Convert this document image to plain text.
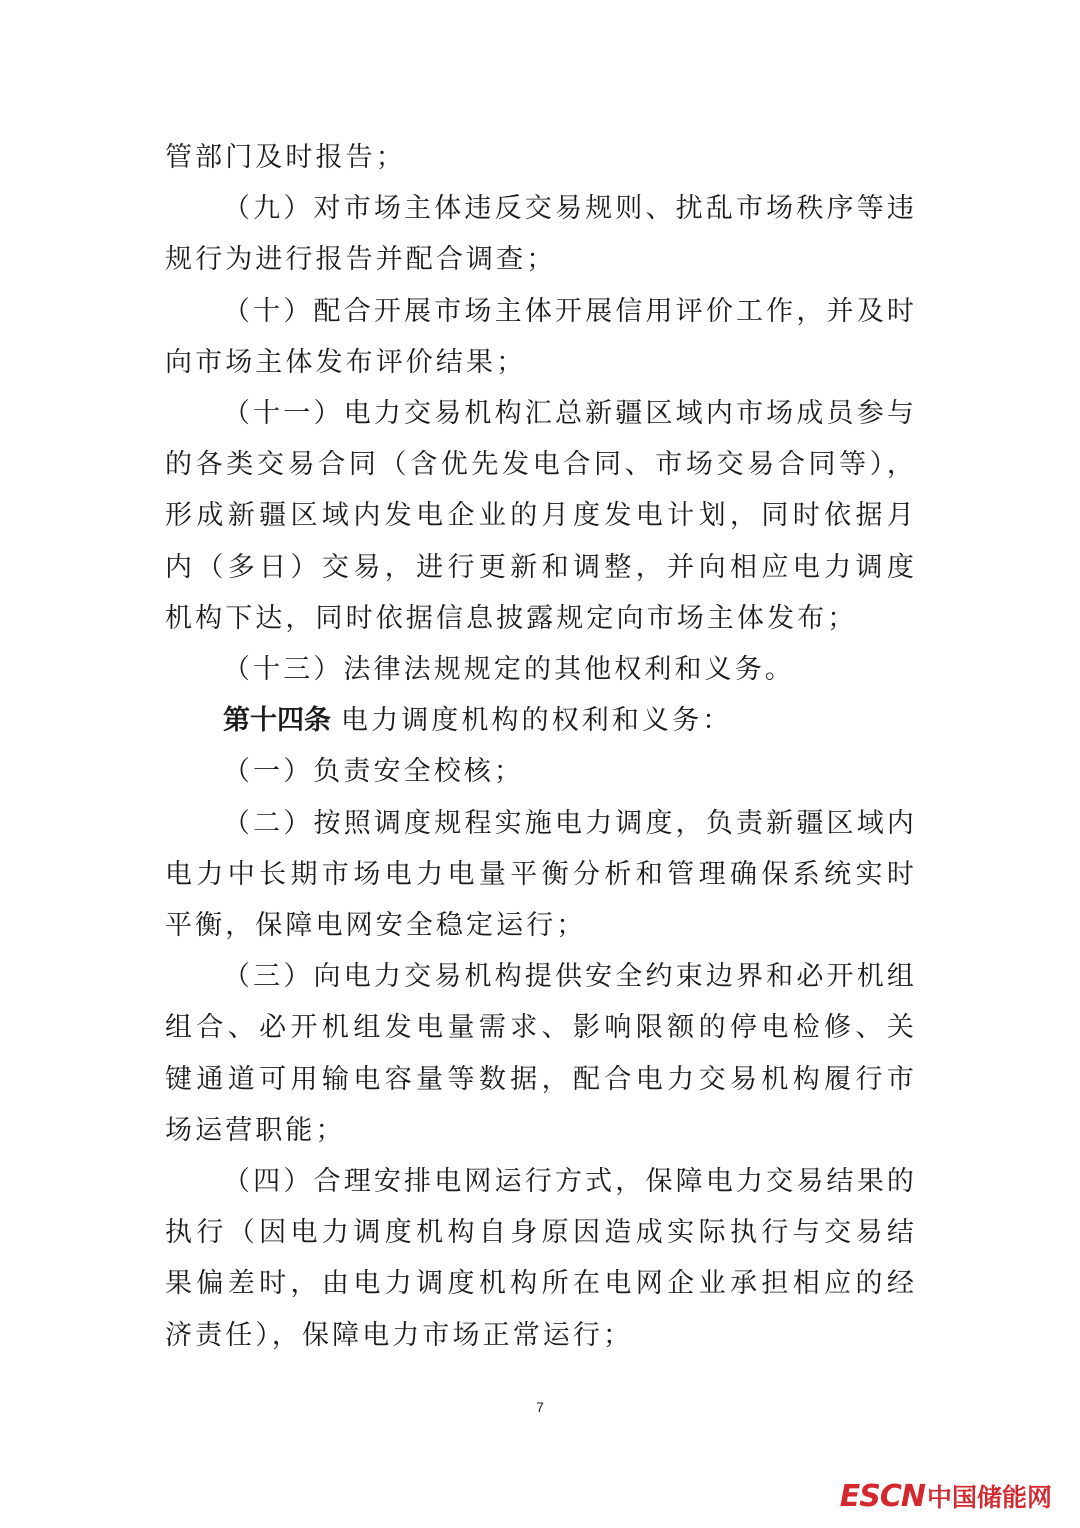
管部门及时报告；

（九）对市场主体违反交易规则、扰乱市场秩序等违规行为进行报告并配合调查；

（十）配合开展市场主体开展信用评价工作，并及时向市场主体发布评价结果；

（十一）电力交易机构汇总新疆区域内市场成员参与的各类交易合同（含优先发电合同、市场交易合同等），形成新疆区域内发电企业的月度发电计划，同时依据月内（多日）交易，进行更新和调整，并向相应电力调度机构下达，同时依据信息披露规定向市场主体发布；

（十三）法律法规规定的其他权利和义务。

第十四条 电力调度机构的权利和义务：

（一）负责安全校核；

（二）按照调度规程实施电力调度，负责新疆区域内电力中长期市场电力电量平衡分析和管理确保系统实时平衡，保障电网安全稳定运行；

（三）向电力交易机构提供安全约束边界和必开机组组合、必开机组发电量需求、影响限额的停电检修、关键通道可用输电容量等数据，配合电力交易机构履行市场运营职能；

（四）合理安排电网运行方式，保障电力交易结果的执行（因电力调度机构自身原因造成实际执行与交易结果偏差时，由电力调度机构所在电网企业承担相应的经济责任），保障电力市场正常运行；

7
ESCN 中国储能网
